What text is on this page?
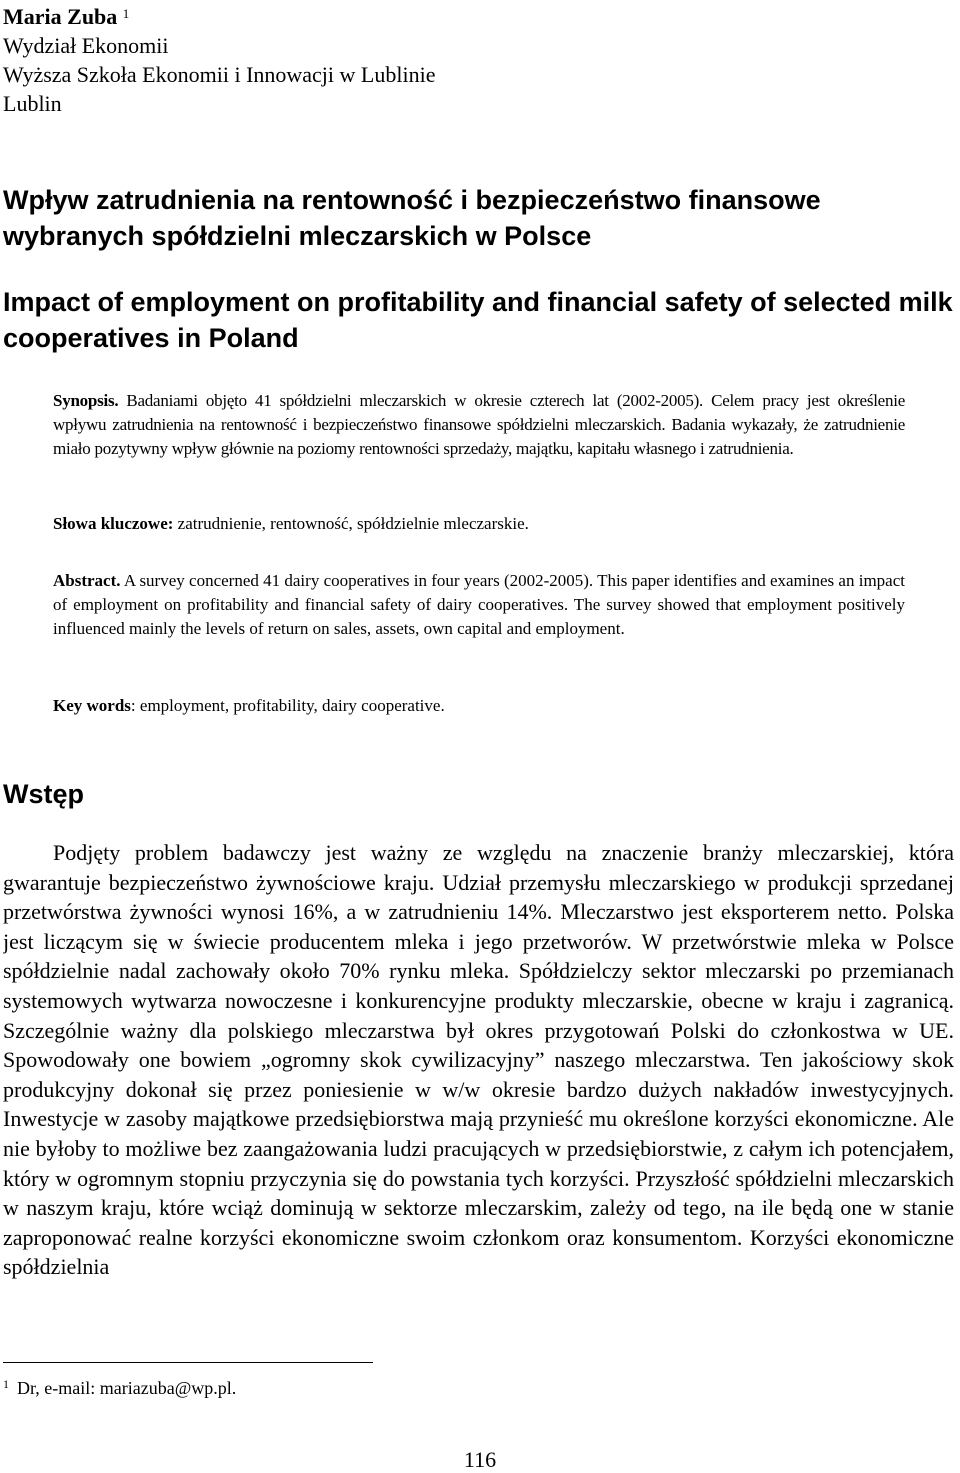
Maria Zuba $^1$
Wydział Ekonomii
Wyższa Szkoła Ekonomii i Innowacji w Lublinie
Lublin
Wpływ zatrudnienia na rentowność i bezpieczeństwo finansowe wybranych spółdzielni mleczarskich w Polsce
Impact of employment on profitability and financial safety of selected milk cooperatives in Poland
Synopsis. Badaniami objęto 41 spółdzielni mleczarskich w okresie czterech lat (2002-2005). Celem pracy jest określenie wpływu zatrudnienia na rentowność i bezpieczeństwo finansowe spółdzielni mleczarskich. Badania wykazały, że zatrudnienie miało pozytywny wpływ głównie na poziomy rentowności sprzedaży, majątku, kapitału własnego i zatrudnienia.
Słowa kluczowe: zatrudnienie, rentowność, spółdzielnie mleczarskie.
Abstract. A survey concerned 41 dairy cooperatives in four years (2002-2005). This paper identifies and examines an impact of employment on profitability and financial safety of dairy cooperatives. The survey showed that employment positively influenced mainly the levels of return on sales, assets, own capital and employment.
Key words: employment, profitability, dairy cooperative.
Wstęp
Podjęty problem badawczy jest ważny ze względu na znaczenie branży mleczarskiej, która gwarantuje bezpieczeństwo żywnościowe kraju. Udział przemysłu mleczarskiego w produkcji sprzedanej przetwórstwa żywności wynosi 16%, a w zatrudnieniu 14%. Mleczarstwo jest eksporterem netto. Polska jest liczącym się w świecie producentem mleka i jego przetworów. W przetwórstwie mleka w Polsce spółdzielnie nadal zachowały około 70% rynku mleka. Spółdzielczy sektor mleczarski po przemianach systemowych wytwarza nowoczesne i konkurencyjne produkty mleczarskie, obecne w kraju i zagranicą. Szczególnie ważny dla polskiego mleczarstwa był okres przygotowań Polski do członkostwa w UE. Spowodowały one bowiem „ogromny skok cywilizacyjny” naszego mleczarstwa. Ten jakościowy skok produkcyjny dokonał się przez poniesienie w w/w okresie bardzo dużych nakładów inwestycyjnych. Inwestycje w zasoby majątkowe przedsiębiorstwa mają przynieść mu określone korzyści ekonomiczne. Ale nie byłoby to możliwe bez zaangażowania ludzi pracujących w przedsiębiorstwie, z całym ich potencjałem, który w ogromnym stopniu przyczynia się do powstania tych korzyści. Przyszłość spółdzielni mleczarskich w naszym kraju, które wciąż dominują w sektorze mleczarskim, zależy od tego, na ile będą one w stanie zaproponować realne korzyści ekonomiczne swoim członkom oraz konsumentom. Korzyści ekonomiczne spółdzielnia
$^1$ Dr, e-mail: mariazuba@wp.pl.
116
